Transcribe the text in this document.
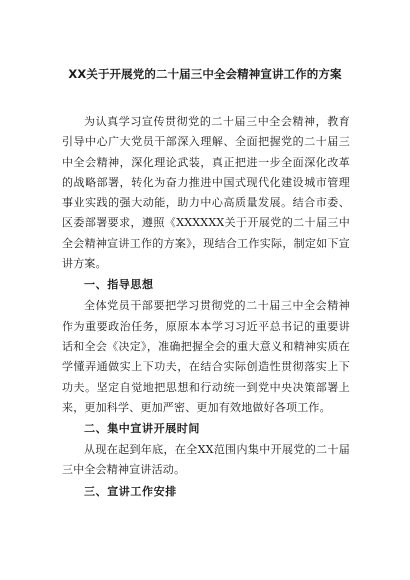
XX关于开展党的二十届三中全会精神宣讲工作的方案

为认真学习宣传贯彻党的二十届三中全会精神，教育引导中心广大党员干部深入理解、全面把握党的二十届三中全会精神，深化理论武装，真正把进一步全面深化改革的战略部署，转化为奋力推进中国式现代化建设城市管理事业实践的强大动能，助力中心高质量发展。结合市委、区委部署要求，遵照《XXXXXX关于开展党的二十届三中全会精神宣讲工作的方案》，现结合工作实际，制定如下宣讲方案。

一、指导思想

全体党员干部要把学习贯彻党的二十届三中全会精神作为重要政治任务，原原本本学习习近平总书记的重要讲话和全会《决定》，准确把握全会的重大意义和精神实质在学懂弄通做实上下功夫，在结合实际创造性贯彻落实上下功夫。坚定自觉地把思想和行动统一到党中央决策部署上来，更加科学、更加严密、更加有效地做好各项工作。

二、集中宣讲开展时间

从现在起到年底，在全XX范围内集中开展党的二十届三中全会精神宣讲活动。

三、宣讲工作安排
